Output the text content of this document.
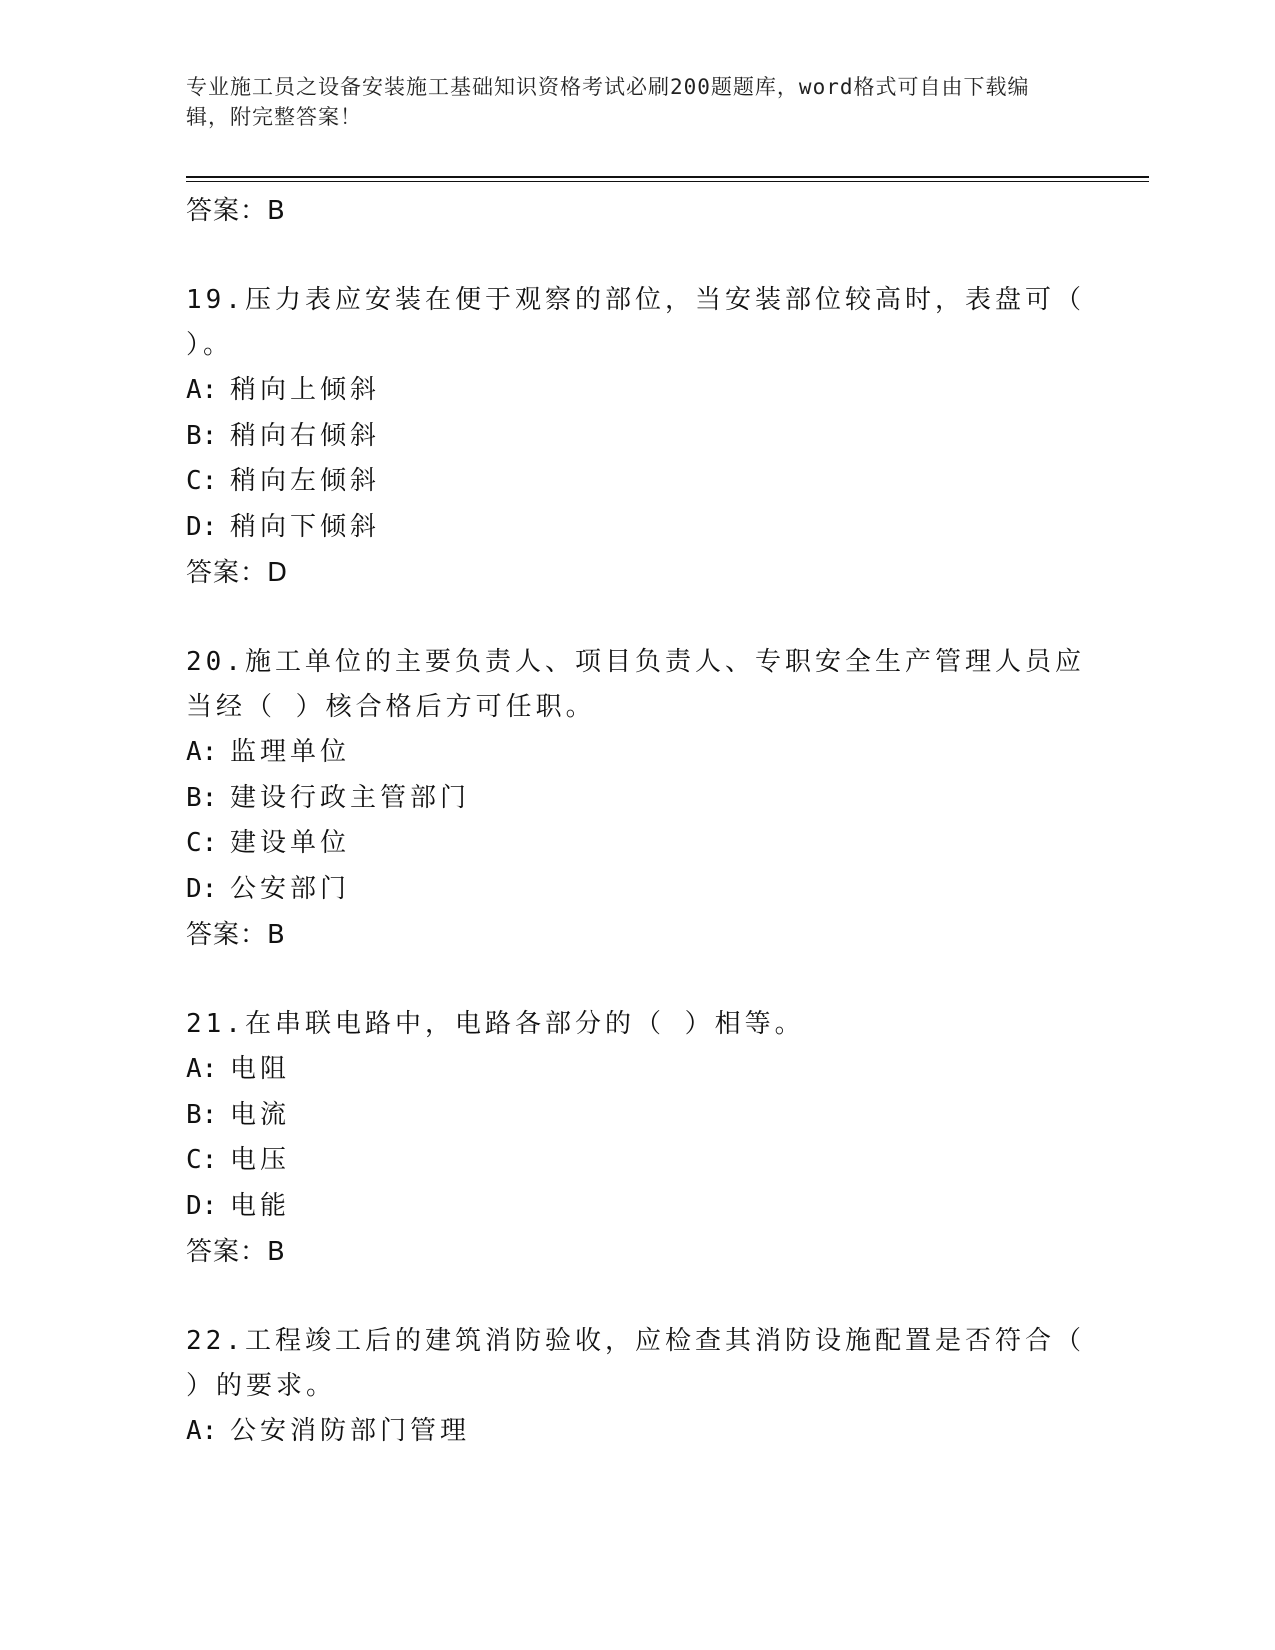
专业施工员之设备安装施工基础知识资格考试必刷200题题库，word格式可自由下载编辑，附完整答案！
答案：B
19.压力表应安装在便于观察的部位，当安装部位较高时，表盘可（ ）。
A: 稍向上倾斜
B: 稍向右倾斜
C: 稍向左倾斜
D: 稍向下倾斜
答案：D
20.施工单位的主要负责人、项目负责人、专职安全生产管理人员应当经（ ）核合格后方可任职。
A: 监理单位
B: 建设行政主管部门
C: 建设单位
D: 公安部门
答案：B
21.在串联电路中，电路各部分的（ ）相等。
A: 电阻
B: 电流
C: 电压
D: 电能
答案：B
22.工程竣工后的建筑消防验收，应检查其消防设施配置是否符合（ ）的要求。
A: 公安消防部门管理
